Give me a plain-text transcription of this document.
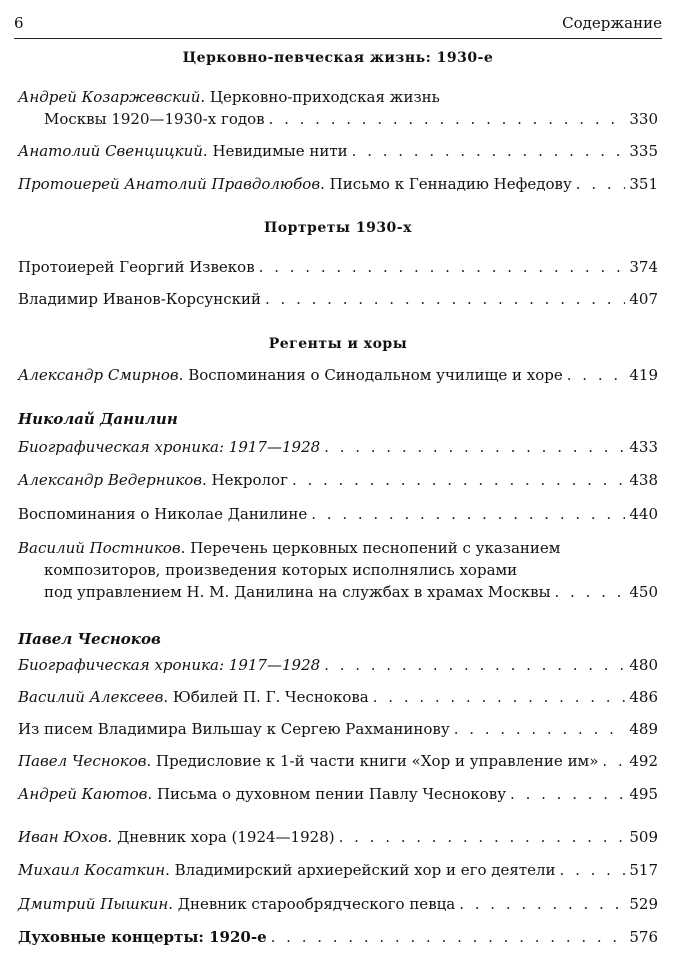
6	Содержание
Церковно-певческая жизнь: 1930-е
Андрей Козаржевский. Церковно-приходская жизнь
Москвы 1920—1930-х годов . . .	330
Анатолий Свенцицкий. Невидимые нити . . .	335
Протоиерей Анатолий Правдолюбов. Письмо к Геннадию Нефедову . . .	351
Портреты 1930-х
Протоиерей Георгий Извеков . . .	374
Владимир Иванов-Корсунский . . .	407
Регенты и хоры
Александр Смирнов. Воспоминания о Синодальном училище и хоре . . .	419
Николай Данилин
Биографическая хроника: 1917—1928 . . .	433
Александр Ведерников. Некролог . . .	438
Воспоминания о Николае Данилине . . .	440
Василий Постников. Перечень церковных песнопений с указанием
композиторов, произведения которых исполнялись хорами
под управлением Н. М. Данилина на службах в храмах Москвы . . .	450
Павел Чесноков
Биографическая хроника: 1917—1928 . . .	480
Василий Алексеев. Юбилей П. Г. Чеснокова . . .	486
Из писем Владимира Вильшау к Сергею Рахманинову . . .	489
Павел Чесноков. Предисловие к 1-й части книги «Хор и управление им» . . . 492
Андрей Каютов. Письма о духовном пении Павлу Чеснокову . . .	495
Иван Юхов. Дневник хора (1924—1928) . . .	509
Михаил Косаткин. Владимирский архиерейский хор и его деятели . . .	517
Дмитрий Пышкин. Дневник старообрядческого певца . . .	529
Духовные концерты: 1920-е . . .	576
